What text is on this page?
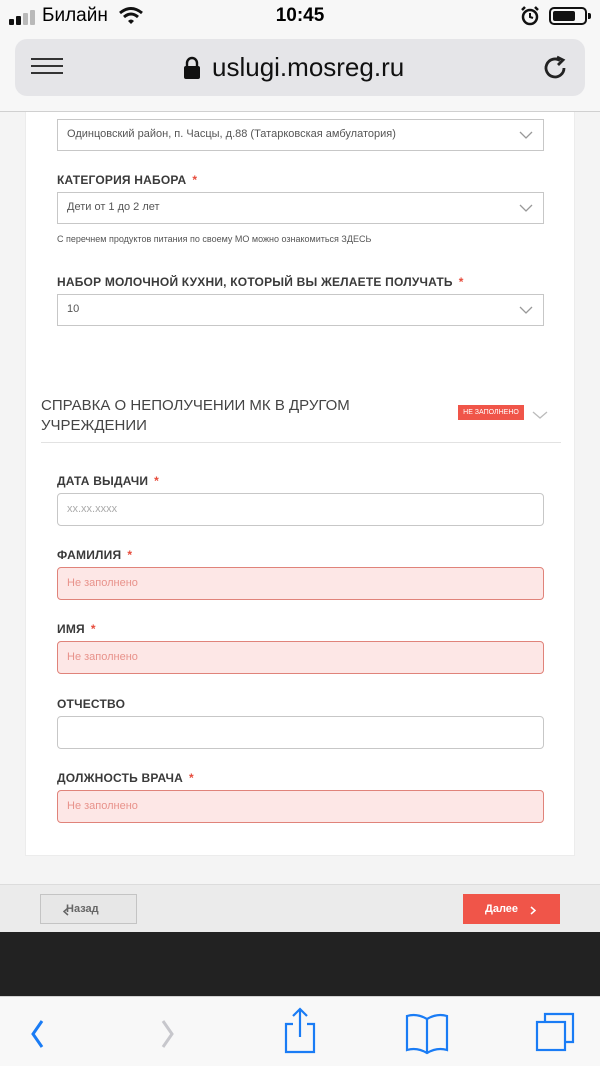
Билайн	10:45
uslugi.mosreg.ru
Одинцовский район, п. Часцы, д.88 (Татарковская амбулатория)
КАТЕГОРИЯ НАБОРА *
Дети от 1 до 2 лет
С перечнем продуктов питания по своему МО можно ознакомиться ЗДЕСЬ
НАБОР МОЛОЧНОЙ КУХНИ, КОТОРЫЙ ВЫ ЖЕЛАЕТЕ ПОЛУЧАТЬ *
10
СПРАВКА О НЕПОЛУЧЕНИИ МК В ДРУГОМ УЧРЕЖДЕНИИ
НЕ ЗАПОЛНЕНО
ДАТА ВЫДАЧИ *
xx.xx.xxxx
ФАМИЛИЯ *
Не заполнено
ИМЯ *
Не заполнено
ОТЧЕСТВО
ДОЛЖНОСТЬ ВРАЧА *
Не заполнено
Назад	Далее
